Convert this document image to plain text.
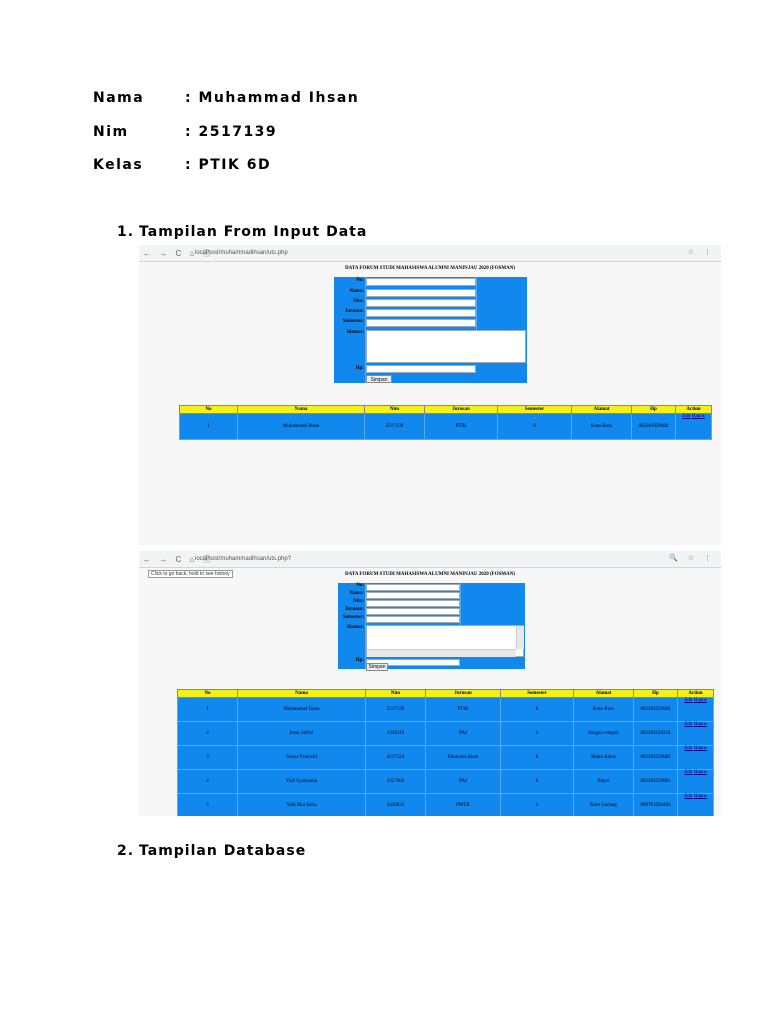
Nama	: Muhammad Ihsan
Nim	: 2517139
Kelas	: PTIK 6D
1. Tampilan From Input Data
← → C ⌂ ⓘ
localhost/muhammadihsan/uts.php	☆ ⋮
DATA FORUM STUDI MAHASISWA ALUMNI MANINJAU 2020 (FOSMAN)
No:
Nama:
Nim:
Jurusan:
Semester:
Alamat:
Hp:
Simpan
No	Nama	Nim	Jurusan	Semester	Alamat	Hp	Action
1	Muhammad Ihsan	2517139	PTIK	6	Koto Baru	082281929084	Edit Hapus
← → C ⌂ ⓘ
localhost/muhammadihsan/uts.php?	🔍 ☆ ⋮
Click to go back, hold to see history	DATA FORUM STUDI MAHASISWA ALUMNI MANINJAU 2020 (FOSMAN)
No:
Nama:
Nim:
Jurusan:
Semester:
Alamat:
Hp:
Simpan
No	Nama	Nim	Jurusan	Semester	Alamat	Hp	Action
1	Muhammad Ihsan	2517139	PTIK	6	Koto Baru	082281929084	Edit Hapus
2	Intan Safitri	2320119	PAI	4	Sungai rumpuk	082281929224	Edit Hapus
3	Sonya Pratiwid	4217324	Ekonomi Islam	6	Muko Ankis	082281929082	Edit Hapus
4	Yudi Syamsulin	2327004	PAI	6	Bayur	082281929081	Edit Hapus
5	Yelli Eka Suria	2420032	PMTK	4	Koto Gadang	089781929483	Edit Hapus
2. Tampilan Database
